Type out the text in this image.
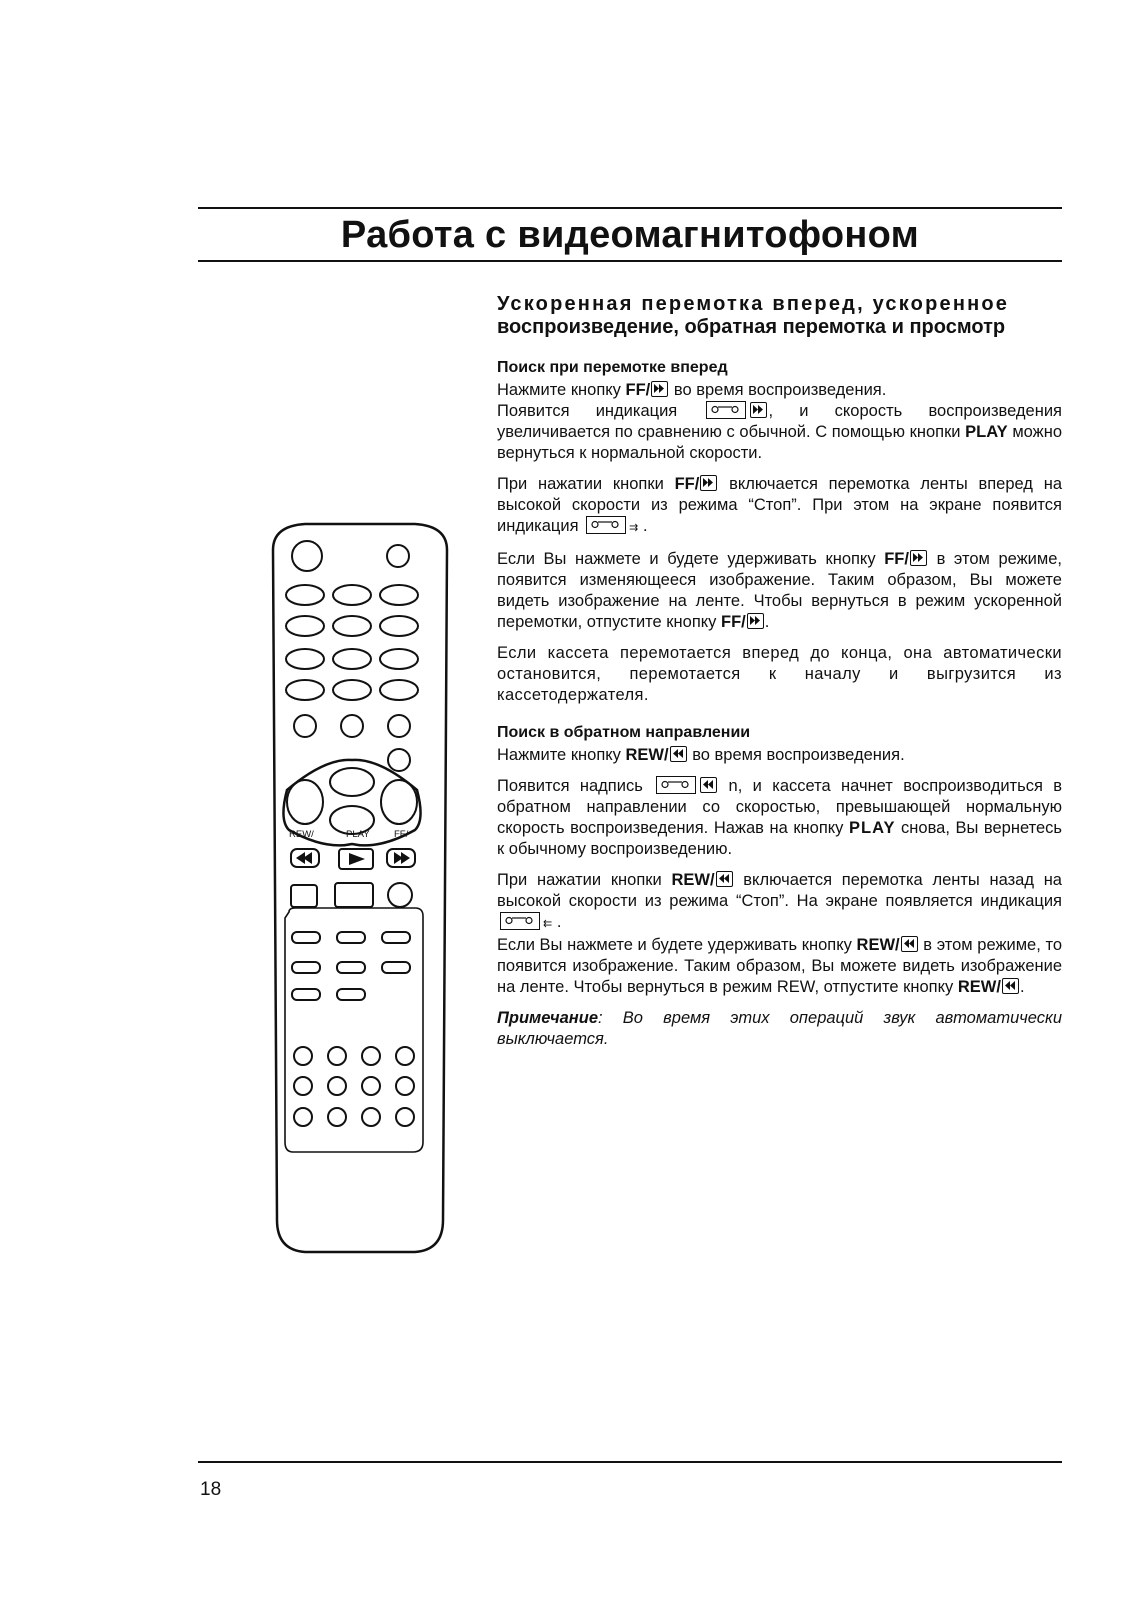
Работа с видеомагнитофоном
REW/	PLAY	FF/
Ускоренная перемотка вперед, ускоренное
воспроизведение, обратная перемотка и просмотр
Поиск при перемотке вперед

Нажмите кнопку FF/ во время воспроизведения.

Появится индикация	, и скорость воспроизведения увеличивается по сравнению с обычной. С помощью кнопки PLAY можно вернуться к нормальной скорости.

При нажатии кнопки FF/ включается перемотка ленты вперед на высокой скорости из режима “Стоп”. При этом на экране появится индикация	⇉ .

Если Вы нажмете и будете удерживать кнопку FF/ в этом режиме, появится изменяющееся изображение. Таким образом, Вы можете видеть изображение на ленте. Чтобы вернуться в режим ускоренной перемотки, отпустите кнопку FF/ .

Если кассета перемотается вперед до конца, она автоматически остановится, перемотается к началу и выгрузится из кассетодержателя.

Поиск в обратном направлении

Нажмите кнопку REW/ во время воспроизведения.

Появится надпись	n, и кассета начнет воспроизводиться в обратном направлении со скоростью, превышающей нормальную скорость воспроизведения. Нажав на кнопку PLAY снова, Вы вернетесь к обычному воспроизведению.

При нажатии кнопки REW/ включается перемотка ленты назад на высокой скорости из режима “Стоп”. На экране появляется индикация
⇇ .

Если Вы нажмете и будете удерживать кнопку REW/ в этом режиме, то появится изображение. Таким образом, Вы можете видеть изображение на ленте. Чтобы вернуться в режим REW, отпустите кнопку REW/ .

Примечание: Во время этих операций звук автоматически выключается.

18
